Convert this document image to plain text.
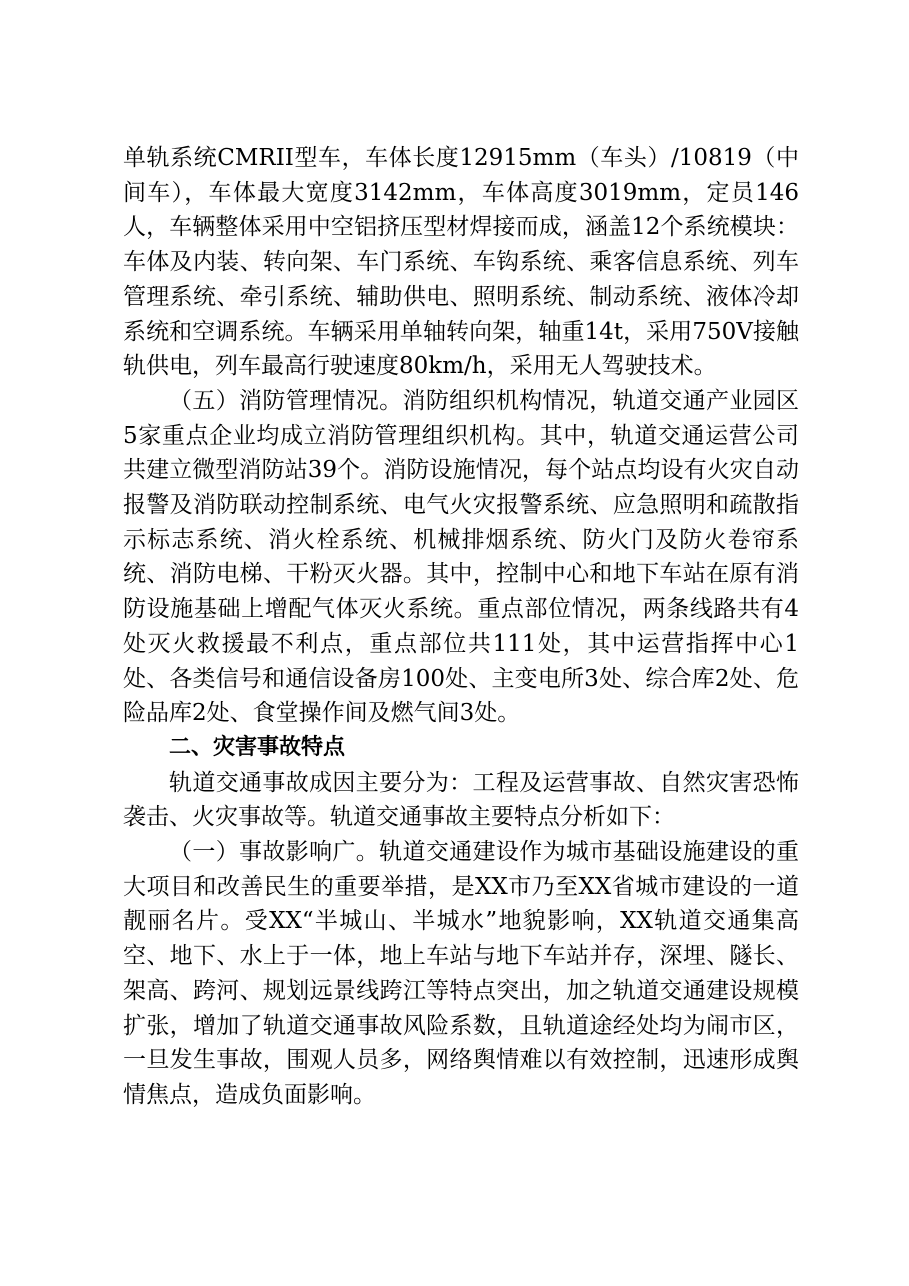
单轨系统CMRII型车，车体长度12915mm（车头）/10819（中间车），车体最大宽度3142mm，车体高度3019mm，定员146人，车辆整体采用中空铝挤压型材焊接而成，涵盖12个系统模块：车体及内装、转向架、车门系统、车钩系统、乘客信息系统、列车管理系统、牵引系统、辅助供电、照明系统、制动系统、液体冷却系统和空调系统。车辆采用单轴转向架，轴重14t，采用750V接触轨供电，列车最高行驶速度80km/h，采用无人驾驶技术。

（五）消防管理情况。消防组织机构情况，轨道交通产业园区5家重点企业均成立消防管理组织机构。其中，轨道交通运营公司共建立微型消防站39个。消防设施情况，每个站点均设有火灾自动报警及消防联动控制系统、电气火灾报警系统、应急照明和疏散指示标志系统、消火栓系统、机械排烟系统、防火门及防火卷帘系统、消防电梯、干粉灭火器。其中，控制中心和地下车站在原有消防设施基础上增配气体灭火系统。重点部位情况，两条线路共有4处灭火救援最不利点，重点部位共111处，其中运营指挥中心1处、各类信号和通信设备房100处、主变电所3处、综合库2处、危险品库2处、食堂操作间及燃气间3处。

二、灾害事故特点

轨道交通事故成因主要分为：工程及运营事故、自然灾害恐怖袭击、火灾事故等。轨道交通事故主要特点分析如下：

（一）事故影响广。轨道交通建设作为城市基础设施建设的重大项目和改善民生的重要举措，是XX市乃至XX省城市建设的一道靓丽名片。受XX“半城山、半城水”地貌影响，XX轨道交通集高空、地下、水上于一体，地上车站与地下车站并存，深埋、隧长、架高、跨河、规划远景线跨江等特点突出，加之轨道交通建设规模扩张，增加了轨道交通事故风险系数，且轨道途经处均为闹市区，一旦发生事故，围观人员多，网络舆情难以有效控制，迅速形成舆情焦点，造成负面影响。
